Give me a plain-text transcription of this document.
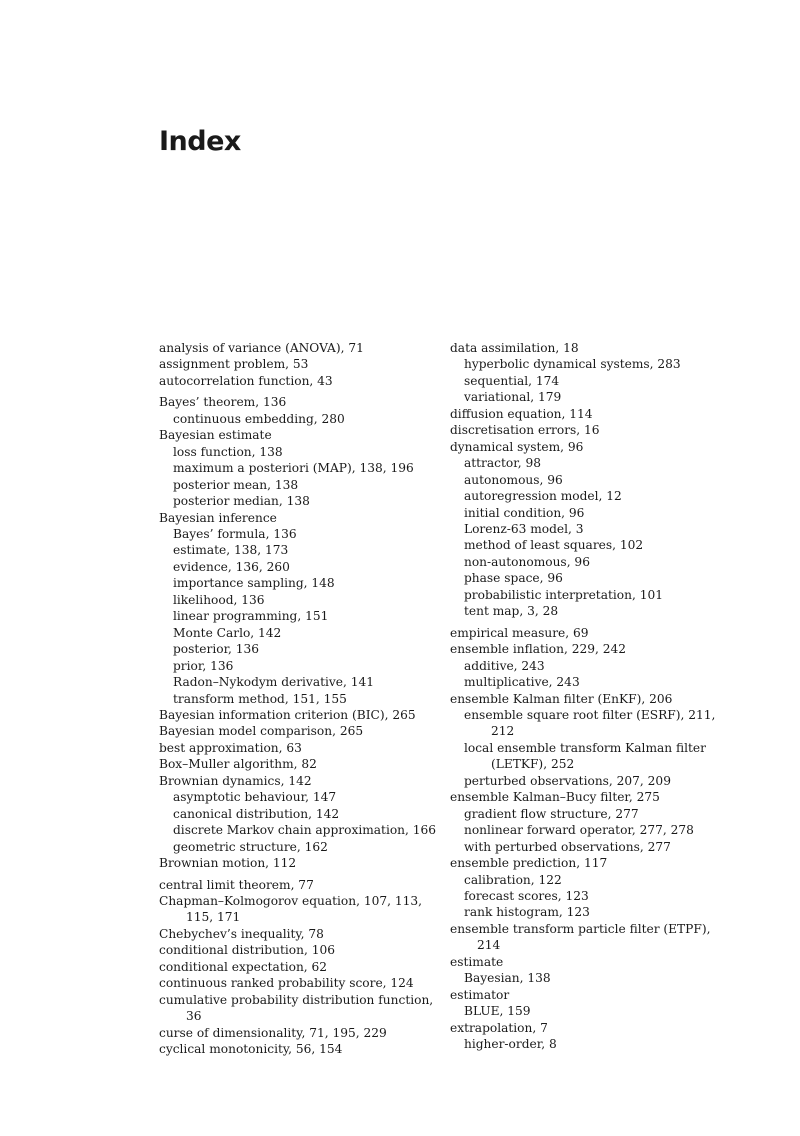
Index

analysis of variance (ANOVA), 71

assignment problem, 53

autocorrelation function, 43

Bayes’ theorem, 136

continuous embedding, 280

Bayesian estimate

loss function, 138

maximum a posteriori (MAP), 138, 196

posterior mean, 138

posterior median, 138

Bayesian inference

Bayes’ formula, 136

estimate, 138, 173

evidence, 136, 260

importance sampling, 148

likelihood, 136

linear programming, 151

Monte Carlo, 142

posterior, 136

prior, 136

Radon–Nykodym derivative, 141

transform method, 151, 155

Bayesian information criterion (BIC), 265

Bayesian model comparison, 265

best approximation, 63

Box–Muller algorithm, 82

Brownian dynamics, 142

asymptotic behaviour, 147

canonical distribution, 142

discrete Markov chain approximation, 166

geometric structure, 162

Brownian motion, 112

central limit theorem, 77

Chapman–Kolmogorov equation, 107, 113, 115, 171

Chebychev’s inequality, 78

conditional distribution, 106

conditional expectation, 62

continuous ranked probability score, 124

cumulative probability distribution function, 36

curse of dimensionality, 71, 195, 229

cyclical monotonicity, 56, 154

data assimilation, 18

hyperbolic dynamical systems, 283

sequential, 174

variational, 179

diffusion equation, 114

discretisation errors, 16

dynamical system, 96

attractor, 98

autonomous, 96

autoregression model, 12

initial condition, 96

Lorenz-63 model, 3

method of least squares, 102

non-autonomous, 96

phase space, 96

probabilistic interpretation, 101

tent map, 3, 28

empirical measure, 69

ensemble inflation, 229, 242

additive, 243

multiplicative, 243

ensemble Kalman filter (EnKF), 206

ensemble square root filter (ESRF), 211, 212

local ensemble transform Kalman filter (LETKF), 252

perturbed observations, 207, 209

ensemble Kalman–Bucy filter, 275

gradient flow structure, 277

nonlinear forward operator, 277, 278

with perturbed observations, 277

ensemble prediction, 117

calibration, 122

forecast scores, 123

rank histogram, 123

ensemble transform particle filter (ETPF), 214

estimate

Bayesian, 138

estimator

BLUE, 159

extrapolation, 7

higher-order, 8
